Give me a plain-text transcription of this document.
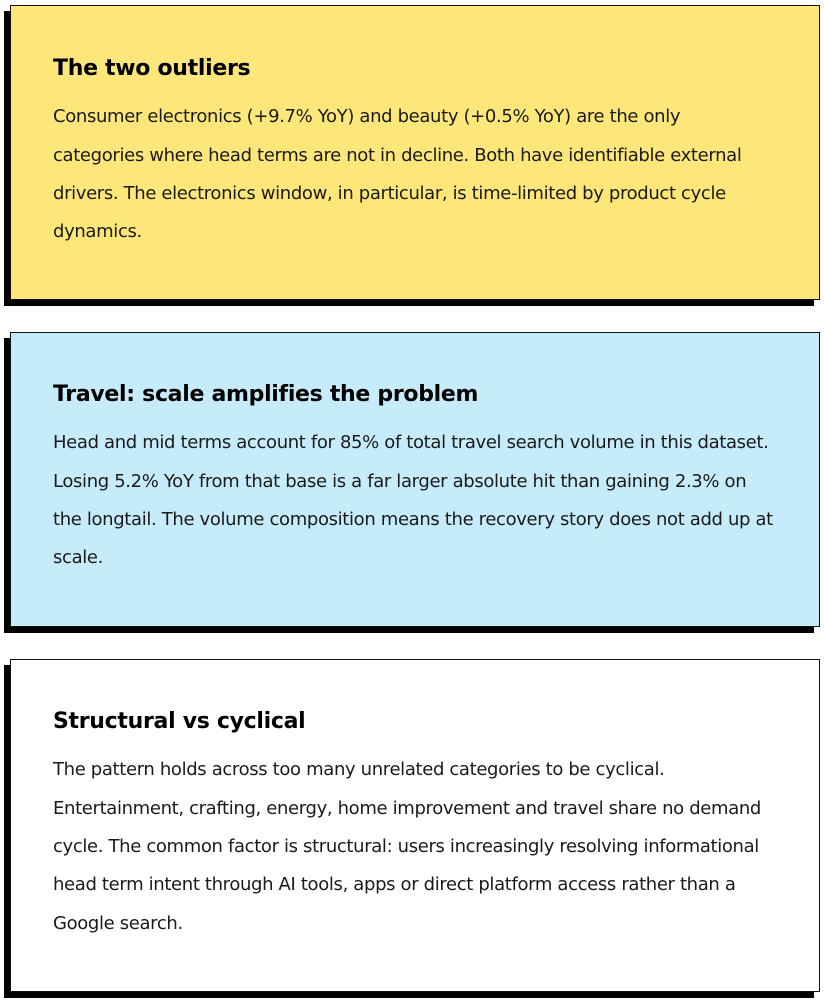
The two outliers

Consumer electronics (+9.7% YoY) and beauty (+0.5% YoY) are the only categories where head terms are not in decline. Both have identifiable external drivers. The electronics window, in particular, is time-limited by product cycle dynamics.

Travel: scale amplifies the problem

Head and mid terms account for 85% of total travel search volume in this dataset. Losing 5.2% YoY from that base is a far larger absolute hit than gaining 2.3% on the longtail. The volume composition means the recovery story does not add up at scale.

Structural vs cyclical

The pattern holds across too many unrelated categories to be cyclical. Entertainment, crafting, energy, home improvement and travel share no demand cycle. The common factor is structural: users increasingly resolving informational head term intent through AI tools, apps or direct platform access rather than a Google search.
